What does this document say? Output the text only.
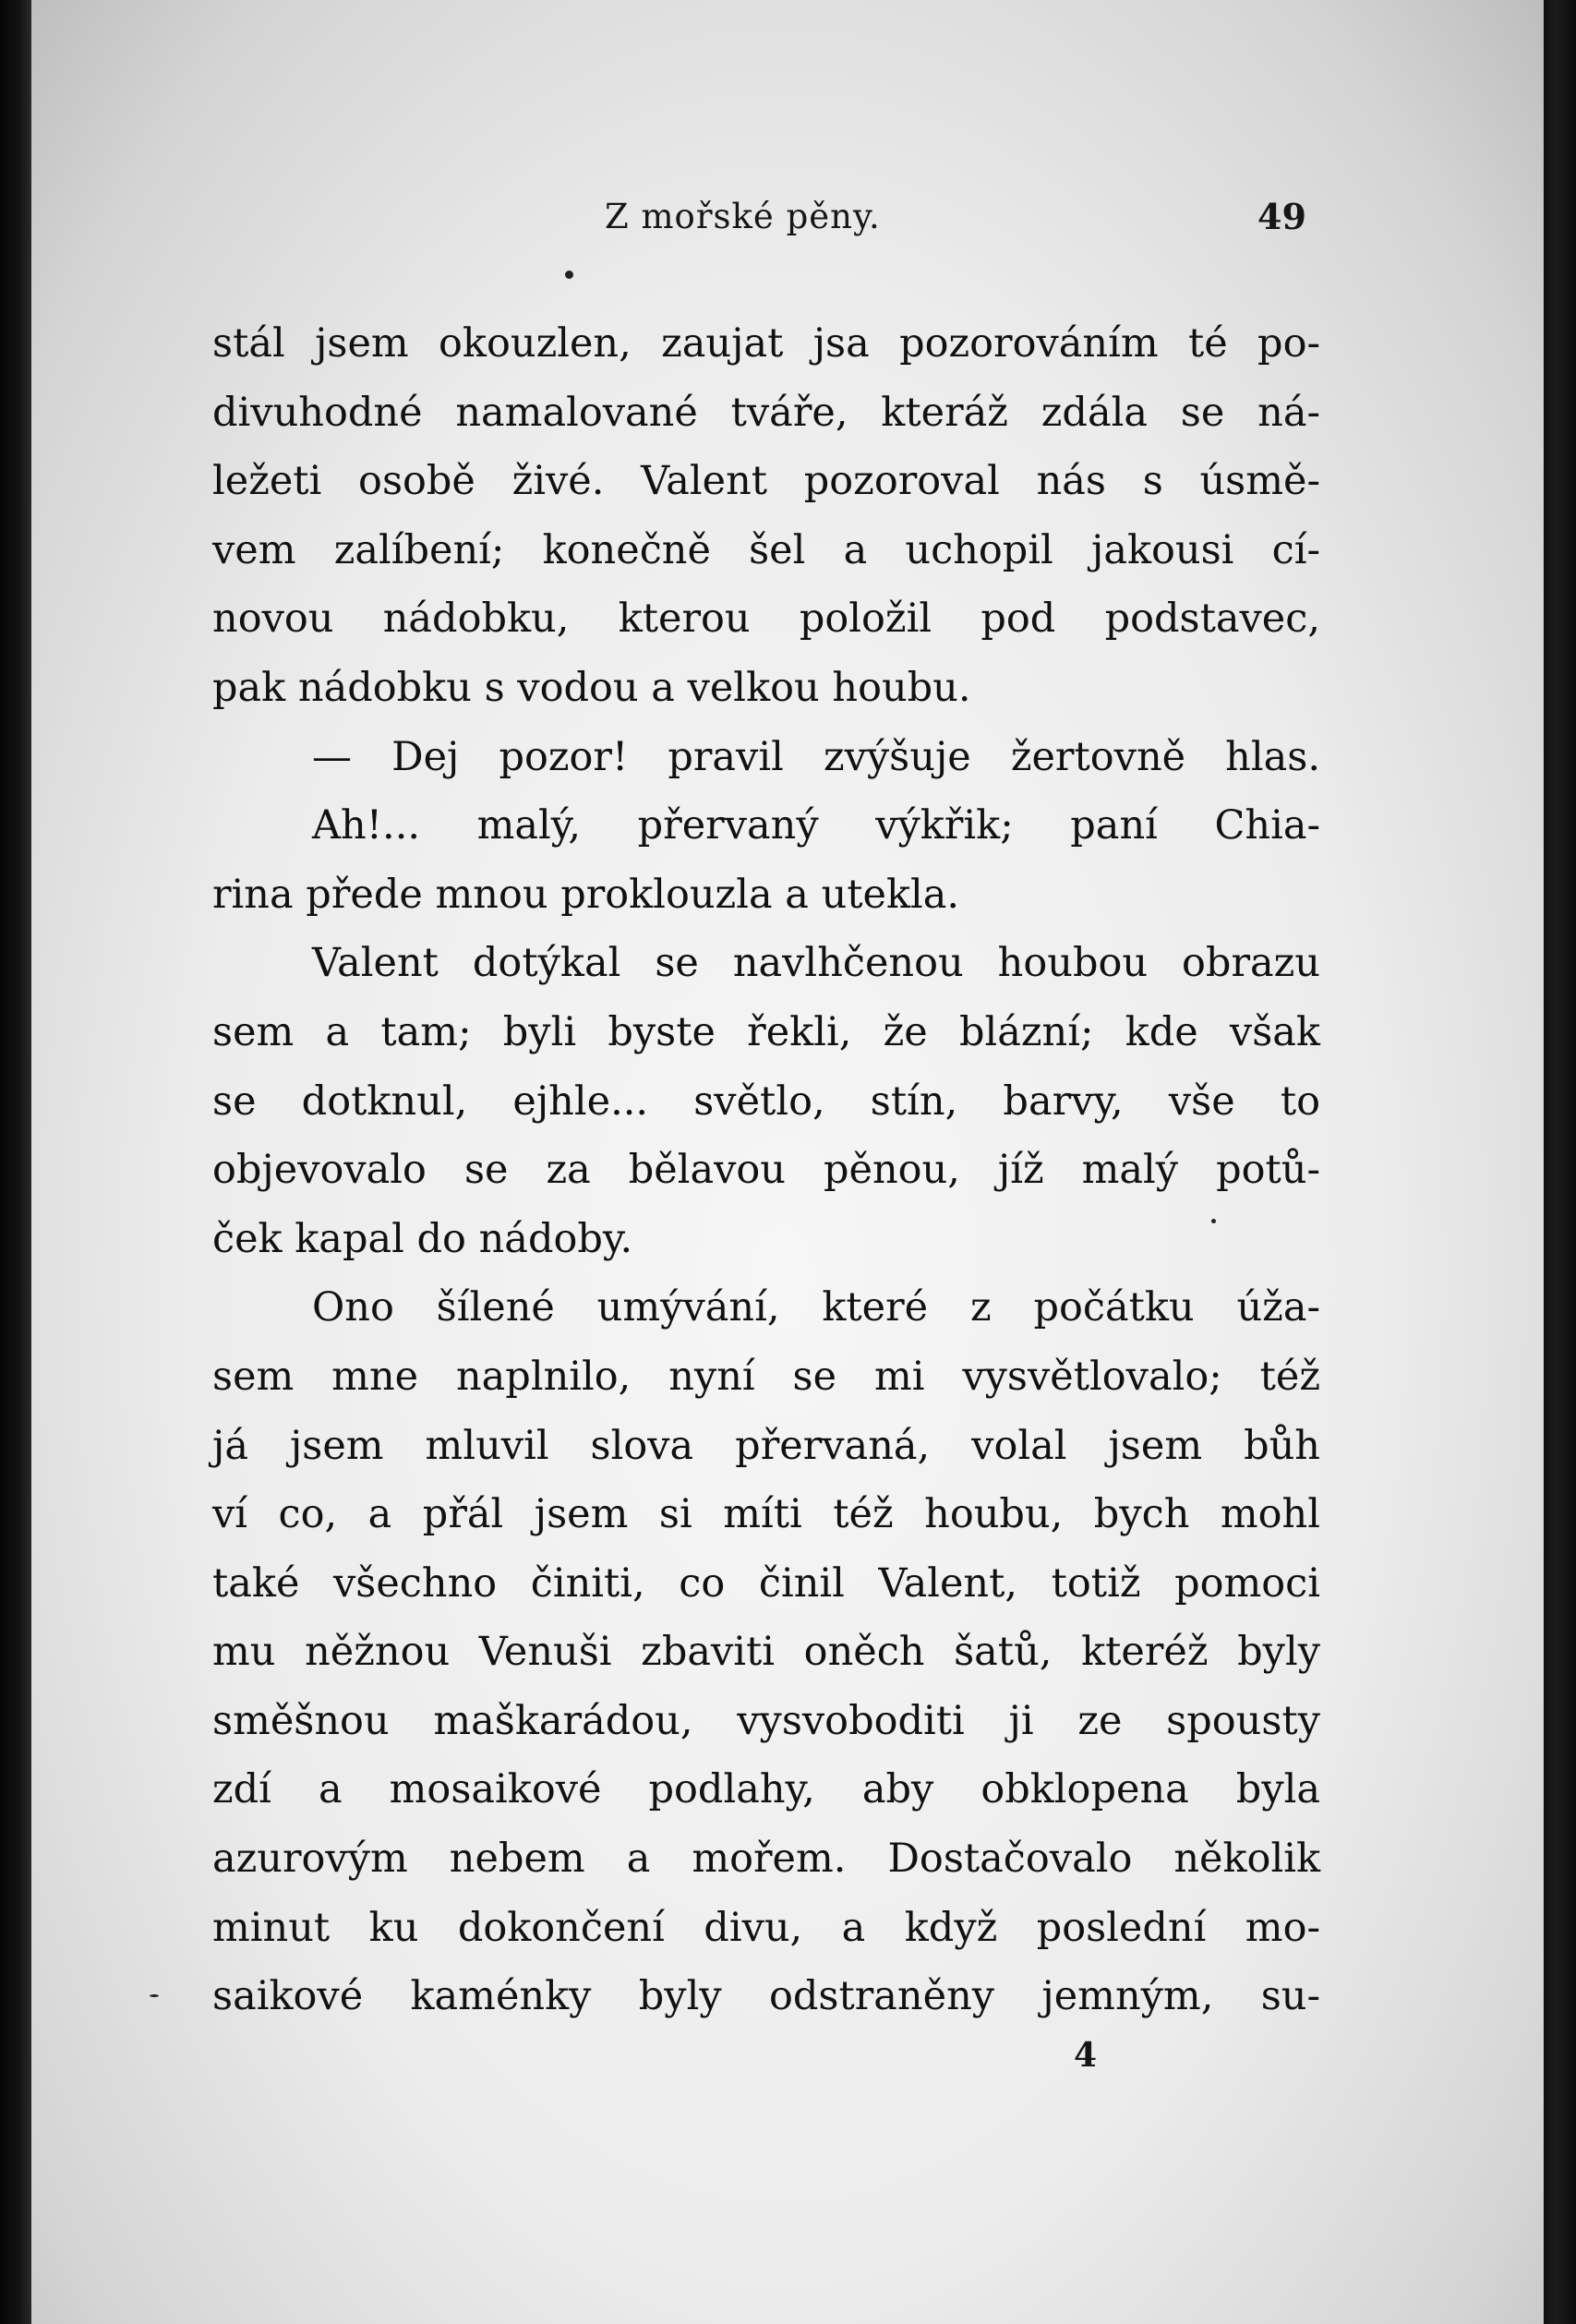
Z mořské pěny.	49
stál jsem okouzlen, zaujat jsa pozorováním té po-
divuhodné namalované tváře, kteráž zdála se ná-
ležeti osobě živé. Valent pozoroval nás s úsmě-
vem zalíbení; konečně šel a uchopil jakousi cí-
novou nádobku, kterou položil pod podstavec,
pak nádobku s vodou a velkou houbu.
— Dej pozor! pravil zvýšuje žertovně hlas.
Ah!... malý, přervaný výkřik; paní Chia-
rina přede mnou proklouzla a utekla.
Valent dotýkal se navlhčenou houbou obrazu
sem a tam; byli byste řekli, že blázní; kde však
se dotknul, ejhle... světlo, stín, barvy, vše to
objevovalo se za bělavou pěnou, jíž malý potů-
ček kapal do nádoby.
Ono šílené umývání, které z počátku úža-
sem mne naplnilo, nyní se mi vysvětlovalo; též
já jsem mluvil slova přervaná, volal jsem bůh
ví co, a přál jsem si míti též houbu, bych mohl
také všechno činiti, co činil Valent, totiž pomoci
mu něžnou Venuši zbaviti oněch šatů, kteréž byly
směšnou maškarádou, vysvoboditi ji ze spousty
zdí a mosaikové podlahy, aby obklopena byla
azurovým nebem a mořem. Dostačovalo několik
minut ku dokončení divu, a když poslední mo-
saikové kaménky byly odstraněny jemným, su-
4
